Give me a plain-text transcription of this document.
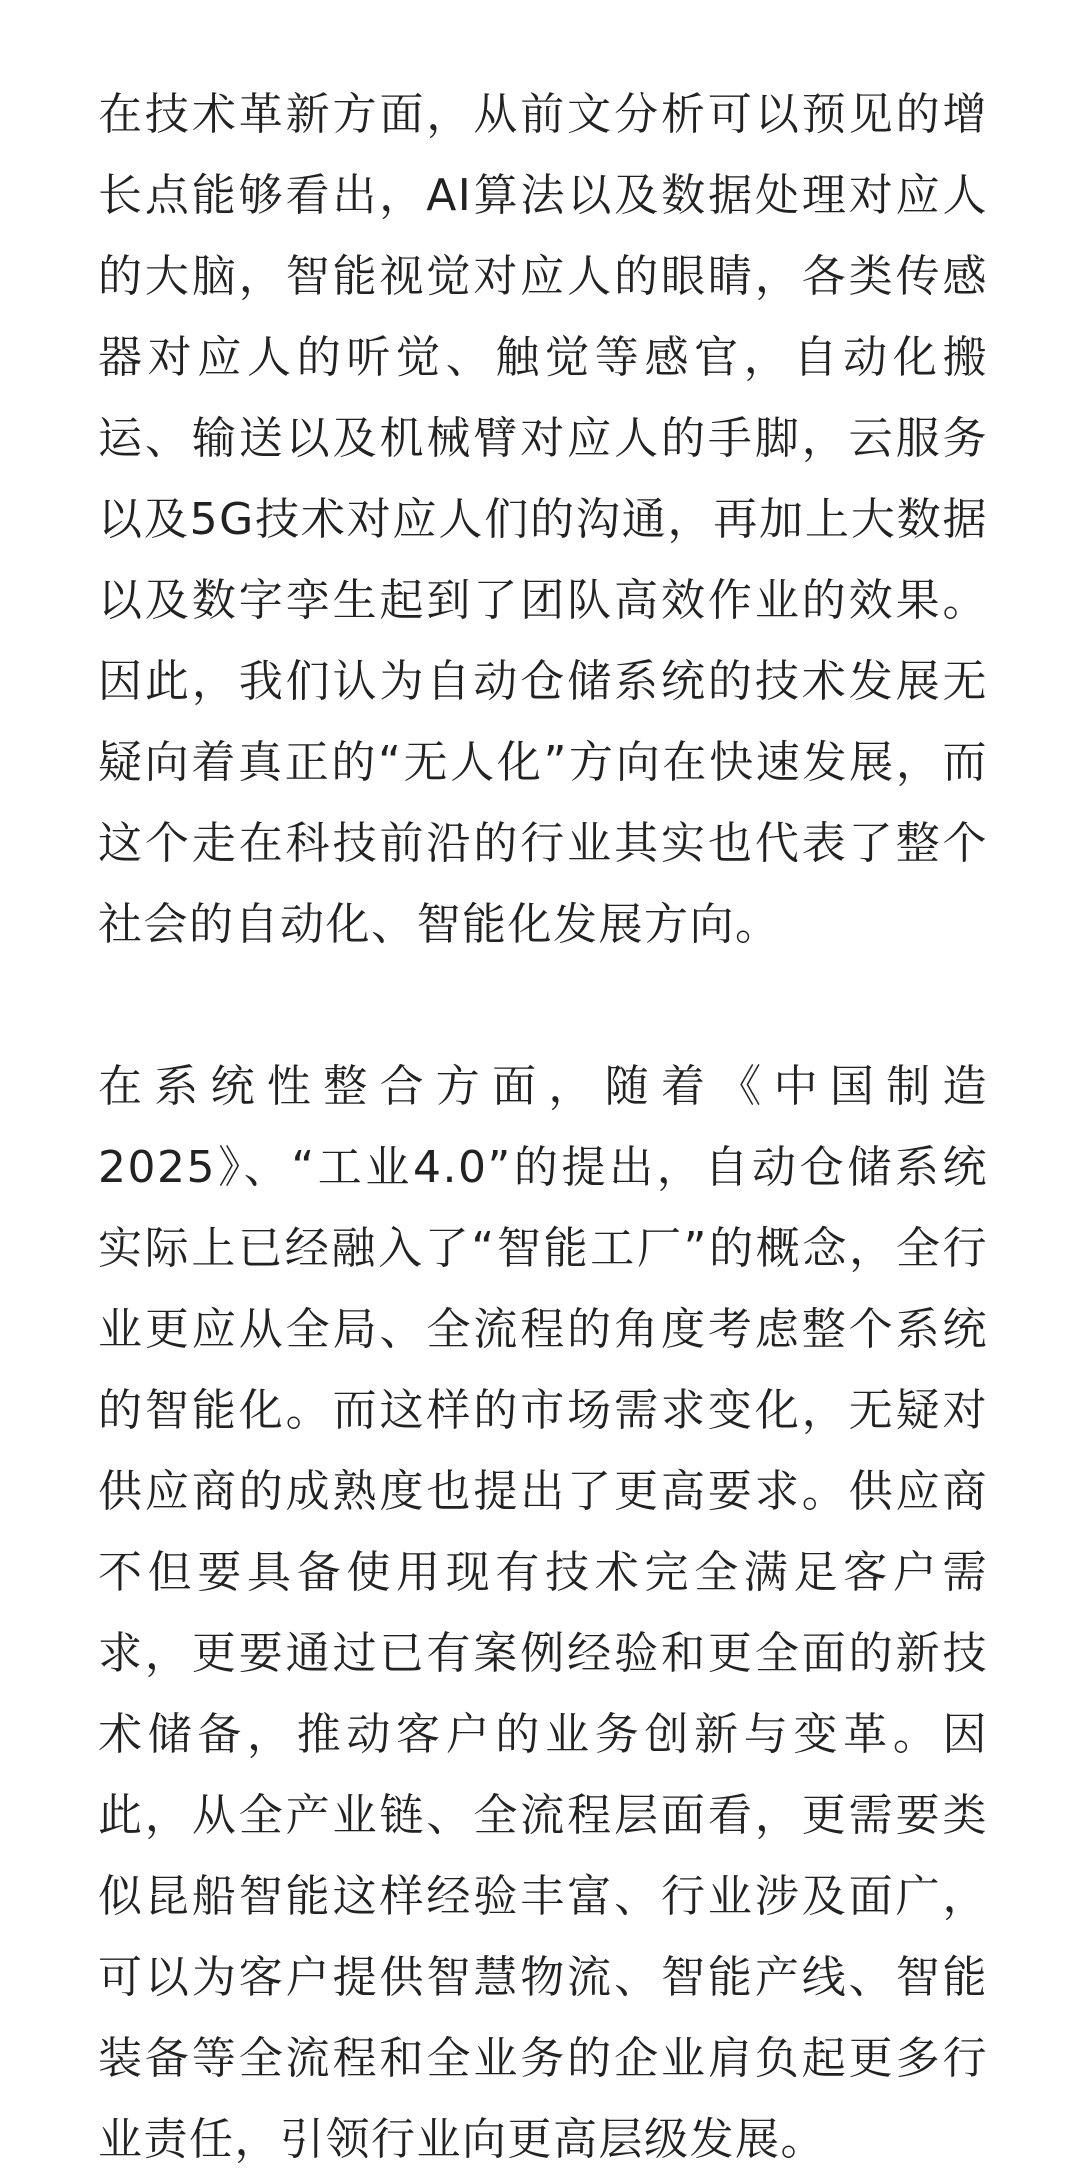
在技术革新方面，从前文分析可以预见的增长点能够看出，AI算法以及数据处理对应人的大脑，智能视觉对应人的眼睛，各类传感器对应人的听觉、触觉等感官，自动化搬运、输送以及机械臂对应人的手脚，云服务以及5G技术对应人们的沟通，再加上大数据以及数字孪生起到了团队高效作业的效果。因此，我们认为自动仓储系统的技术发展无疑向着真正的“无人化”方向在快速发展，而这个走在科技前沿的行业其实也代表了整个社会的自动化、智能化发展方向。

在系统性整合方面，随着《中国制造2025》、“工业4.0”的提出，自动仓储系统实际上已经融入了“智能工厂”的概念，全行业更应从全局、全流程的角度考虑整个系统的智能化。而这样的市场需求变化，无疑对供应商的成熟度也提出了更高要求。供应商不但要具备使用现有技术完全满足客户需求，更要通过已有案例经验和更全面的新技术储备，推动客户的业务创新与变革。因此，从全产业链、全流程层面看，更需要类似昆船智能这样经验丰富、行业涉及面广，可以为客户提供智慧物流、智能产线、智能装备等全流程和全业务的企业肩负起更多行业责任，引领行业向更高层级发展。
